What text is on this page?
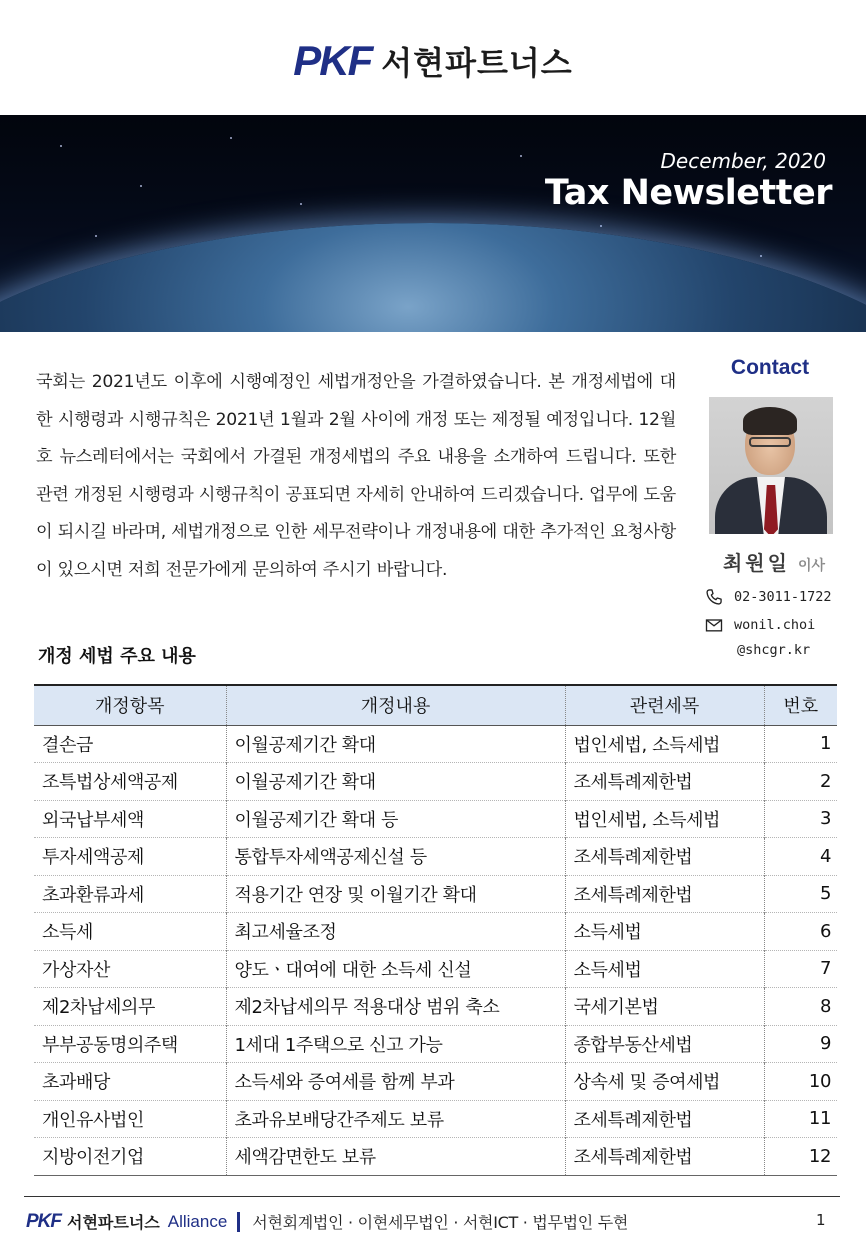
PKF 서현파트너스
December, 2020
Tax Newsletter

국회는 2021년도 이후에 시행예정인 세법개정안을 가결하였습니다. 본 개정세법에 대한 시행령과 시행규칙은 2021년 1월과 2월 사이에 개정 또는 제정될 예정입니다. 12월호 뉴스레터에서는 국회에서 가결된 개정세법의 주요 내용을 소개하여 드립니다. 또한 관련 개정된 시행령과 시행규칙이 공표되면 자세히 안내하여 드리겠습니다. 업무에 도움이 되시길 바라며, 세법개정으로 인한 세무전략이나 개정내용에 대한 추가적인 요청사항이 있으시면 저희 전문가에게 문의하여 주시기 바랍니다.

Contact
최원일 이사
02-3011-1722
wonil.choi
@shcgr.kr
개정 세법 주요 내용
개정항목	개정내용	관련세목	번호
결손금	이월공제기간 확대	법인세법, 소득세법	1
조특법상세액공제	이월공제기간 확대	조세특례제한법	2
외국납부세액	이월공제기간 확대 등	법인세법, 소득세법	3
투자세액공제	통합투자세액공제신설 등	조세특례제한법	4
초과환류과세	적용기간 연장 및 이월기간 확대	조세특례제한법	5
소득세	최고세율조정	소득세법	6
가상자산	양도ㆍ대여에 대한 소득세 신설	소득세법	7
제2차납세의무	제2차납세의무 적용대상 범위 축소	국세기본법	8
부부공동명의주택	1세대 1주택으로 신고 가능	종합부동산세법	9
초과배당	소득세와 증여세를 함께 부과	상속세 및 증여세법	10
개인유사법인	초과유보배당간주제도 보류	조세특례제한법	11
지방이전기업	세액감면한도 보류	조세특례제한법	12
PKF 서현파트너스 Alliance 서현회계법인 · 이현세무법인 · 서현ICT · 법무법인 두현	1
